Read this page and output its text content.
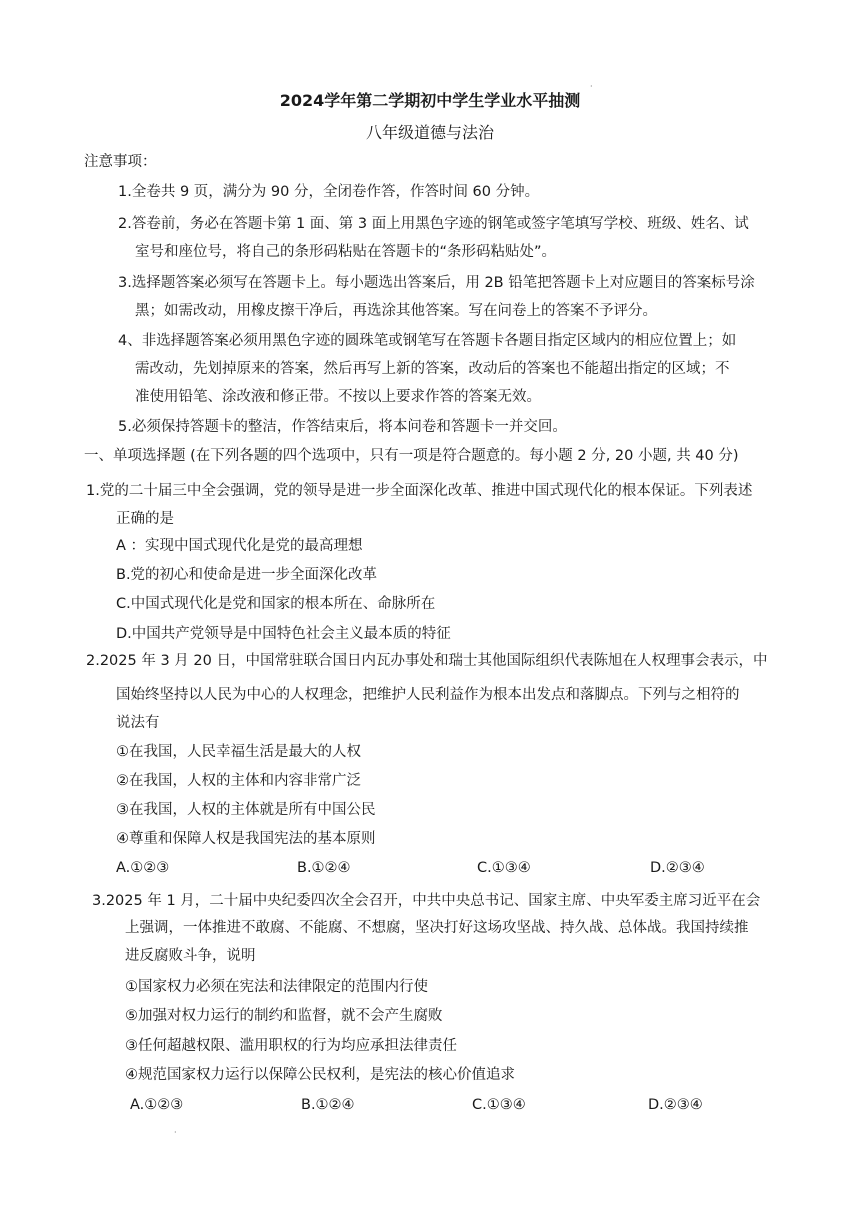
2024学年第二学期初中学生学业水平抽测
八年级道德与法治
注意事项：
1.全卷共 9 页，满分为 90 分，全闭卷作答，作答时间 60 分钟。
2.答卷前，务必在答题卡第 1 面、第 3 面上用黑色字迹的钢笔或签字笔填写学校、班级、姓名、试
室号和座位号，将自己的条形码粘贴在答题卡的“条形码粘贴处”。
3.选择题答案必须写在答题卡上。每小题选出答案后，用 2B 铅笔把答题卡上对应题目的答案标号涂
黑；如需改动，用橡皮擦干净后，再选涂其他答案。写在问卷上的答案不予评分。
4、非选择题答案必须用黑色字迹的圆珠笔或钢笔写在答题卡各题目指定区域内的相应位置上；如
需改动，先划掉原来的答案，然后再写上新的答案，改动后的答案也不能超出指定的区域；不
准使用铅笔、涂改液和修正带。不按以上要求作答的答案无效。
5.必须保持答题卡的整洁，作答结束后，将本问卷和答题卡一并交回。
一、单项选择题 (在下列各题的四个选项中，只有一项是符合题意的。每小题 2 分, 20 小题, 共 40 分)
1.党的二十届三中全会强调，党的领导是进一步全面深化改革、推进中国式现代化的根本保证。下列表述
正确的是
A ：实现中国式现代化是党的最高理想
B.党的初心和使命是进一步全面深化改革
C.中国式现代化是党和国家的根本所在、命脉所在
D.中国共产党领导是中国特色社会主义最本质的特征
2.2025 年 3 月 20 日，中国常驻联合国日内瓦办事处和瑞士其他国际组织代表陈旭在人权理事会表示，中
国始终坚持以人民为中心的人权理念，把维护人民利益作为根本出发点和落脚点。下列与之相符的
说法有
①在我国，人民幸福生活是最大的人权
②在我国，人权的主体和内容非常广泛
③在我国，人权的主体就是所有中国公民
④尊重和保障人权是我国宪法的基本原则
A.①②③	B.①②④	C.①③④	D.②③④
3.2025 年 1 月，二十届中央纪委四次全会召开，中共中央总书记、国家主席、中央军委主席习近平在会
上强调，一体推进不敢腐、不能腐、不想腐，坚决打好这场攻坚战、持久战、总体战。我国持续推
进反腐败斗争，说明
①国家权力必须在宪法和法律限定的范围内行使
⑤加强对权力运行的制约和监督，就不会产生腐败
③任何超越权限、滥用职权的行为均应承担法律责任
④规范国家权力运行以保障公民权利，是宪法的核心价值追求
A.①②③	B.①②④	C.①③④	D.②③④
·
·
